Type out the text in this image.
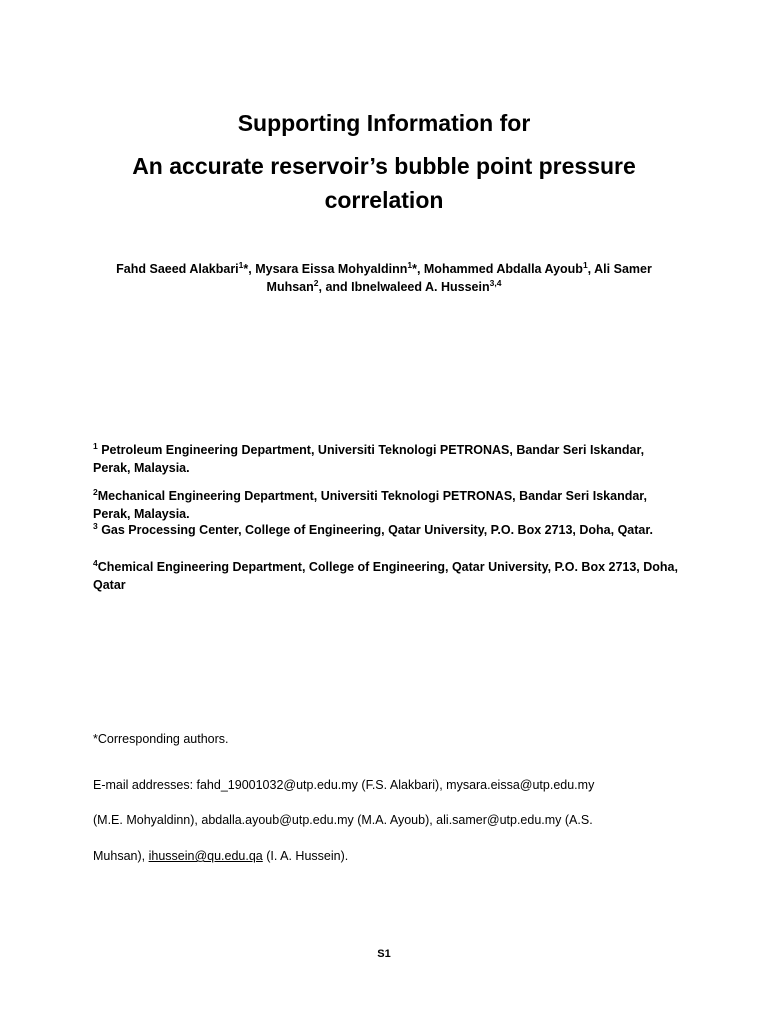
Supporting Information for
An accurate reservoir’s bubble point pressure
correlation
Fahd Saeed Alakbari$^1$*, Mysara Eissa Mohyaldinn$^1$*, Mohammed Abdalla Ayoub$^1$, Ali Samer Muhsan$^2$, and Ibnelwaleed A. Hussein$^{3,4}$
$^1$ Petroleum Engineering Department, Universiti Teknologi PETRONAS, Bandar Seri Iskandar, Perak, Malaysia.
$^2$Mechanical Engineering Department, Universiti Teknologi PETRONAS, Bandar Seri Iskandar, Perak, Malaysia.
$^3$ Gas Processing Center, College of Engineering, Qatar University, P.O. Box 2713, Doha, Qatar.
$^4$Chemical Engineering Department, College of Engineering, Qatar University, P.O. Box 2713, Doha, Qatar
*Corresponding authors.
E-mail addresses: fahd_19001032@utp.edu.my (F.S. Alakbari), mysara.eissa@utp.edu.my
(M.E. Mohyaldinn), abdalla.ayoub@utp.edu.my (M.A. Ayoub), ali.samer@utp.edu.my (A.S.
Muhsan), ihussein@qu.edu.qa (I. A. Hussein).
S1
